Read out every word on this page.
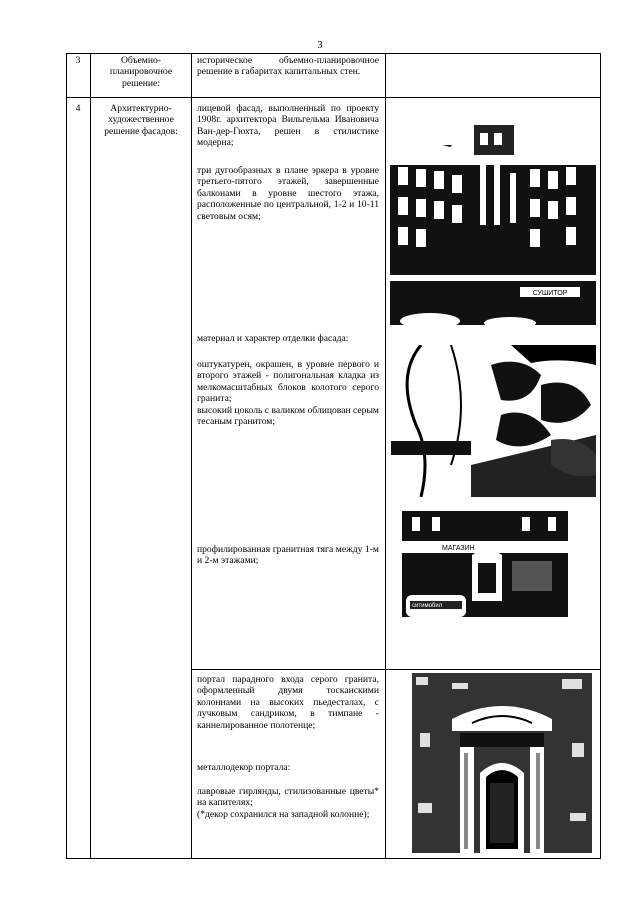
3
3	Объемно-планировочное решение:
историческое объемно-планировочное решение в габаритах капитальных стен.
4	Архитектурно-художественное решение фасадов:

лицевой фасад, выполненный по проекту 1908г. архитектора Вильгельма Ивановича Ван-дер-Гюхта, решен в стилистике модерна;

три дугообразных в плане эркера в уровне третьего-пятого этажей, завершенные балконами в уровне шестого этажа, расположенные по центральной, 1-2 и 10-11 световым осям;

материал и характер отделки фасада:

оштукатурен, окрашен, в уровне первого и второго этажей - полигональная кладка из мелкомасштабных блоков колотого серого гранита;

высокий цоколь с валиком облицован серым тесаным гранитом;

профилированная гранитная тяга между 1-м и 2-м этажами;

портал парадного входа серого гранита, оформленный двумя тосканскими колоннами на высоких пьедесталах, с лучковым сандриком, в тимпане - каннелированное полотенце;

металлодекор портала:

лавровые гирлянды, стилизованные цветы* на капителях;

(*декор сохранился на западной колонне);

СУШИТОР
МАГАЗИН
ситимобил
